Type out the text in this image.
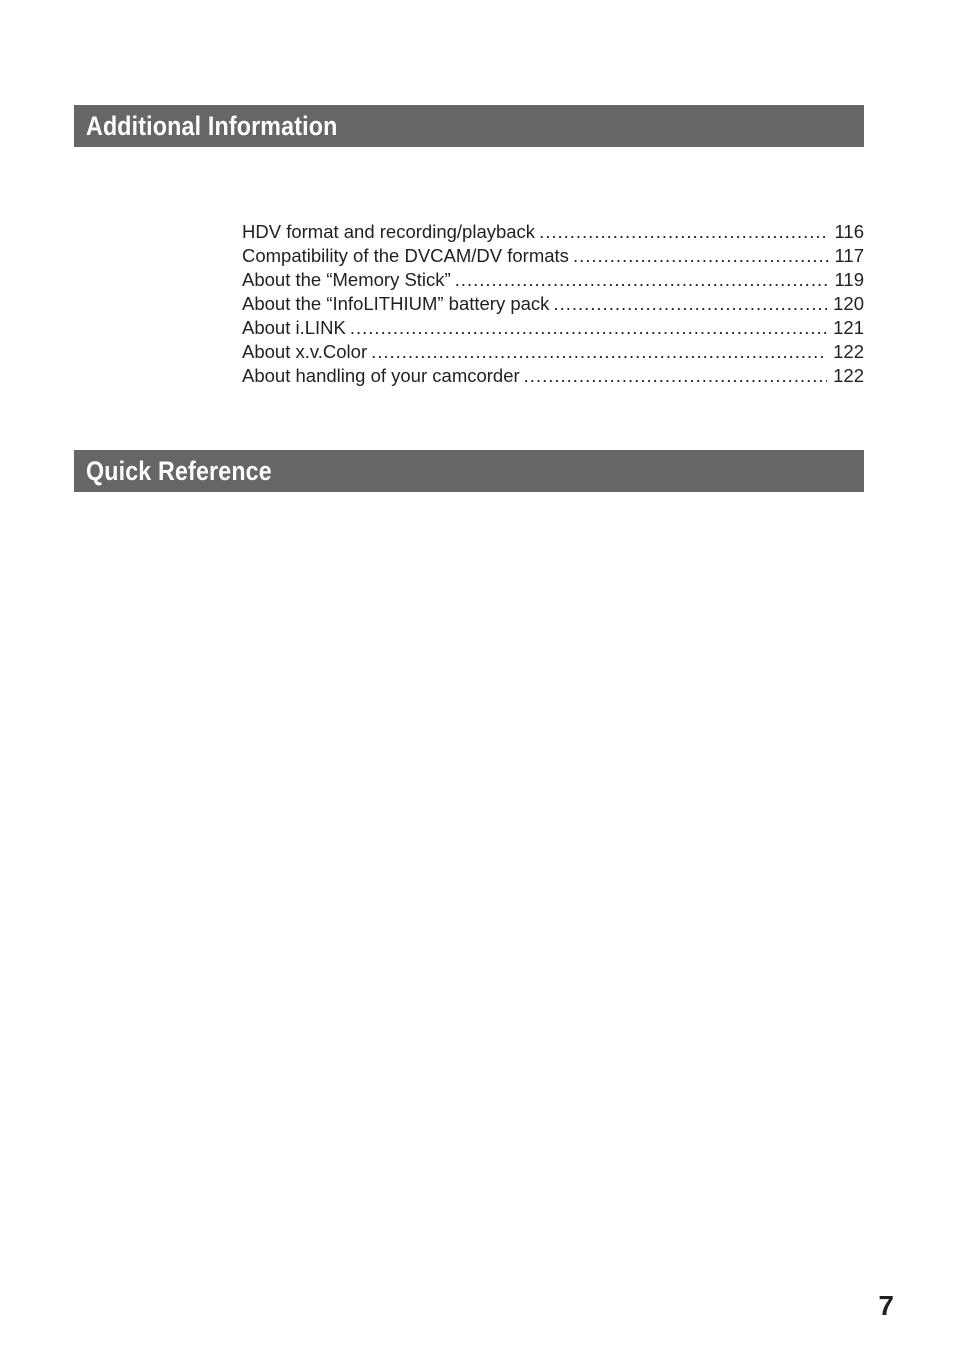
Additional Information
HDV format and recording/playback .....	116
Compatibility of the DVCAM/DV formats .....	117
About the “Memory Stick” .....	119
About the “InfoLITHIUM” battery pack .....	120
About i.LINK .....	121
About x.v.Color .....	122
About handling of your camcorder .....	122
Quick Reference
7
